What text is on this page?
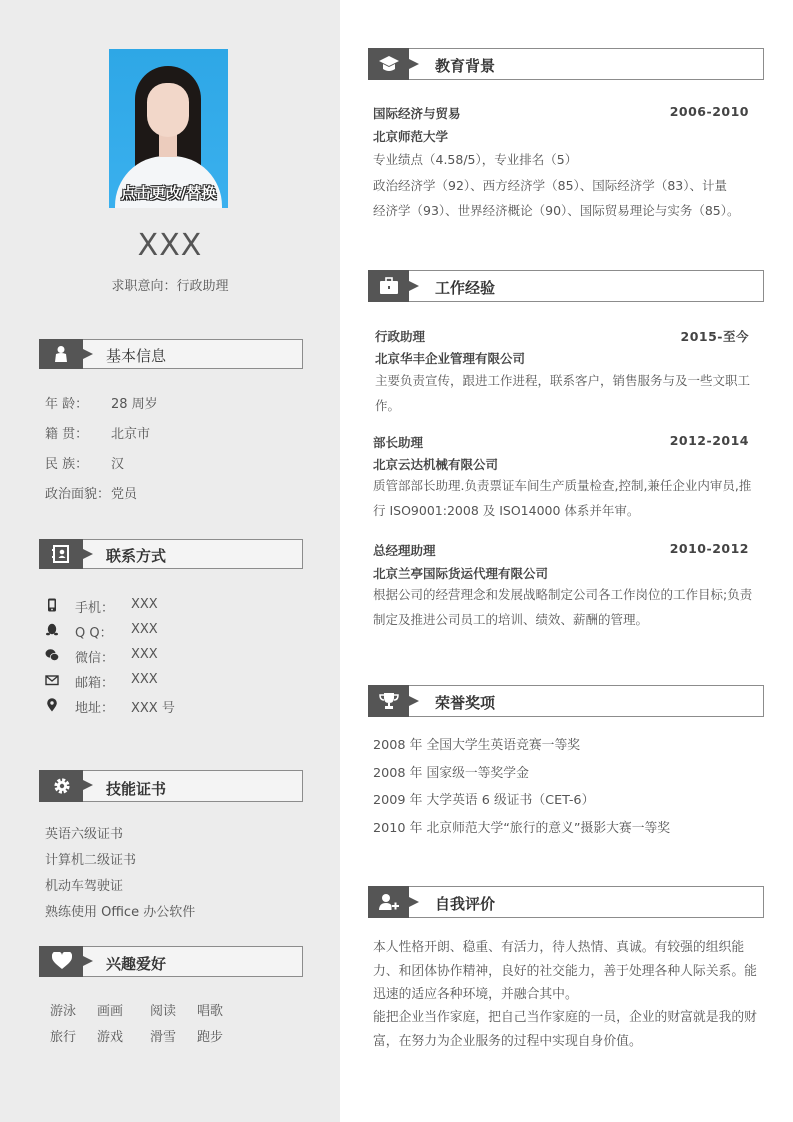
点击更改/替换
XXX
求职意向：行政助理
基本信息
年 龄： 28 周岁
籍 贯： 北京市
民 族： 汉
政治面貌：党员
联系方式
手机： XXX
Q Q： XXX
微信： XXX
邮箱： XXX
地址： XXX 号
技能证书
英语六级证书
计算机二级证书
机动车驾驶证
熟练使用 Office 办公软件
兴趣爱好
游泳 画画 阅读 唱歌
旅行 游戏 滑雪 跑步
教育背景
国际经济与贸易	2006-2010
北京师范大学
专业绩点（4.58/5），专业排名（5）
政治经济学（92）、西方经济学（85）、国际经济学（83）、计量
经济学（93）、世界经济概论（90）、国际贸易理论与实务（85）。
工作经验
行政助理	2015-至今
北京华丰企业管理有限公司
主要负责宣传，跟进工作进程，联系客户，销售服务与及一些文职工作。
部长助理	2012-2014
北京云达机械有限公司
质管部部长助理.负责票证车间生产质量检查,控制,兼任企业内审员,推行 ISO9001:2008 及 ISO14000 体系并年审。
总经理助理	2010-2012
北京兰亭国际货运代理有限公司
根据公司的经营理念和发展战略制定公司各工作岗位的工作目标;负责制定及推进公司员工的培训、绩效、薪酬的管理。
荣誉奖项
2008 年 全国大学生英语竞赛一等奖
2008 年 国家级一等奖学金
2009 年 大学英语 6 级证书（CET-6）
2010 年 北京师范大学“旅行的意义”摄影大赛一等奖
自我评价
本人性格开朗、稳重、有活力，待人热情、真诚。有较强的组织能力、和团体协作精神，良好的社交能力，善于处理各种人际关系。能迅速的适应各种环境，并融合其中。
能把企业当作家庭，把自己当作家庭的一员，企业的财富就是我的财富，在努力为企业服务的过程中实现自身价值。
